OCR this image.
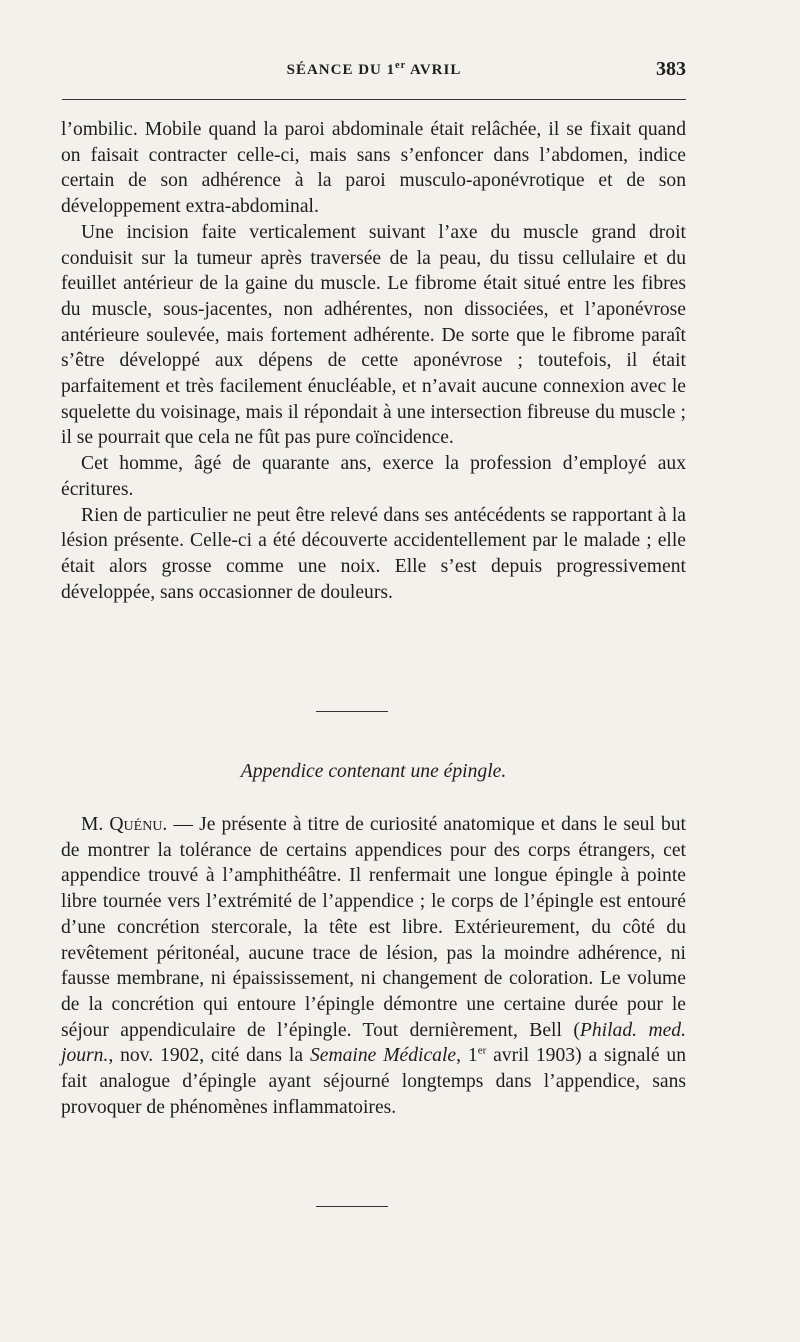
SÉANCE DU 1er AVRIL	383

l’ombilic. Mobile quand la paroi abdominale était relâchée, il se fixait quand on faisait contracter celle-ci, mais sans s’enfoncer dans l’abdomen, indice certain de son adhérence à la paroi musculo-aponévrotique et de son développement extra-abdominal.

Une incision faite verticalement suivant l’axe du muscle grand droit conduisit sur la tumeur après traversée de la peau, du tissu cellulaire et du feuillet antérieur de la gaine du muscle. Le fibrome était situé entre les fibres du muscle, sous-jacentes, non adhérentes, non dissociées, et l’aponévrose antérieure soulevée, mais fortement adhérente. De sorte que le fibrome paraît s’être développé aux dépens de cette aponévrose ; toutefois, il était parfaitement et très facilement énucléable, et n’avait aucune connexion avec le squelette du voisinage, mais il répondait à une intersection fibreuse du muscle ; il se pourrait que cela ne fût pas pure coïncidence.

Cet homme, âgé de quarante ans, exerce la profession d’employé aux écritures.

Rien de particulier ne peut être relevé dans ses antécédents se rapportant à la lésion présente. Celle-ci a été découverte accidentellement par le malade ; elle était alors grosse comme une noix. Elle s’est depuis progressivement développée, sans occasionner de douleurs.

Appendice contenant une épingle.

M. Quénu. — Je présente à titre de curiosité anatomique et dans le seul but de montrer la tolérance de certains appendices pour des corps étrangers, cet appendice trouvé à l’amphithéâtre. Il renfermait une longue épingle à pointe libre tournée vers l’extrémité de l’appendice ; le corps de l’épingle est entouré d’une concrétion stercorale, la tête est libre. Extérieurement, du côté du revêtement péritonéal, aucune trace de lésion, pas la moindre adhérence, ni fausse membrane, ni épaississement, ni changement de coloration. Le volume de la concrétion qui entoure l’épingle démontre une certaine durée pour le séjour appendiculaire de l’épingle. Tout dernièrement, Bell (Philad. med. journ., nov. 1902, cité dans la Semaine Médicale, 1er avril 1903) a signalé un fait analogue d’épingle ayant séjourné longtemps dans l’appendice, sans provoquer de phénomènes inflammatoires.
